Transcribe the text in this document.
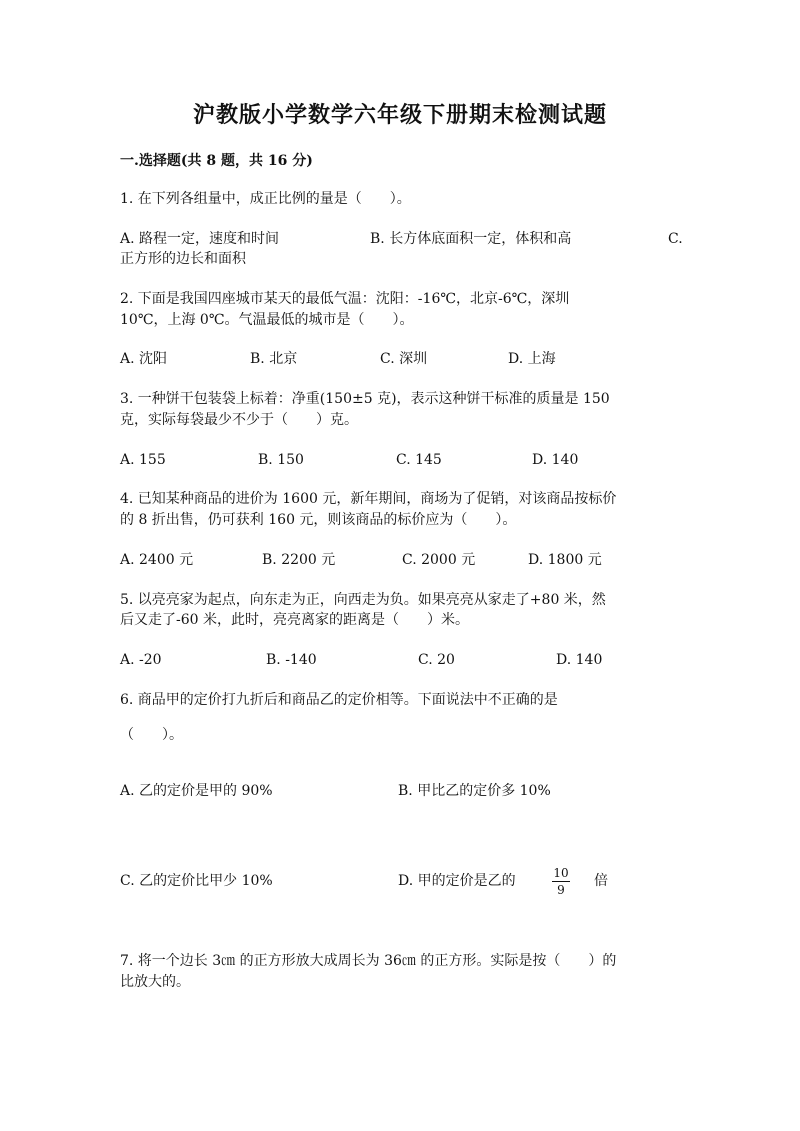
沪教版小学数学六年级下册期末检测试题
一.选择题(共 8 题，共 16 分)
1. 在下列各组量中，成正比例的量是（　　）。
A. 路程一定，速度和时间	B. 长方体底面积一定，体积和高	C.
正方形的边长和面积
2. 下面是我国四座城市某天的最低气温：沈阳：-16℃，北京-6℃，深圳
10℃，上海 0℃。气温最低的城市是（　　）。
A. 沈阳	B. 北京	C. 深圳	D. 上海
3. 一种饼干包装袋上标着：净重(150±5 克)，表示这种饼干标准的质量是 150
克，实际每袋最少不少于（　　）克。
A. 155	B. 150	C. 145	D. 140
4. 已知某种商品的进价为 1600 元，新年期间，商场为了促销，对该商品按标价
的 8 折出售，仍可获利 160 元，则该商品的标价应为（　　）。
A. 2400 元	B. 2200 元	C. 2000 元	D. 1800 元
5. 以亮亮家为起点，向东走为正，向西走为负。如果亮亮从家走了+80 米，然
后又走了-60 米，此时，亮亮离家的距离是（　　）米。
A. -20	B. -140	C. 20	D. 140
6. 商品甲的定价打九折后和商品乙的定价相等。下面说法中不正确的是
（　　）。
A. 乙的定价是甲的 90%	B. 甲比乙的定价多 10%
C. 乙的定价比甲少 10%	D. 甲的定价是乙的	$\frac{10}{9}$ 倍
7. 将一个边长 3㎝ 的正方形放大成周长为 36㎝ 的正方形。实际是按（　　）的
比放大的。
